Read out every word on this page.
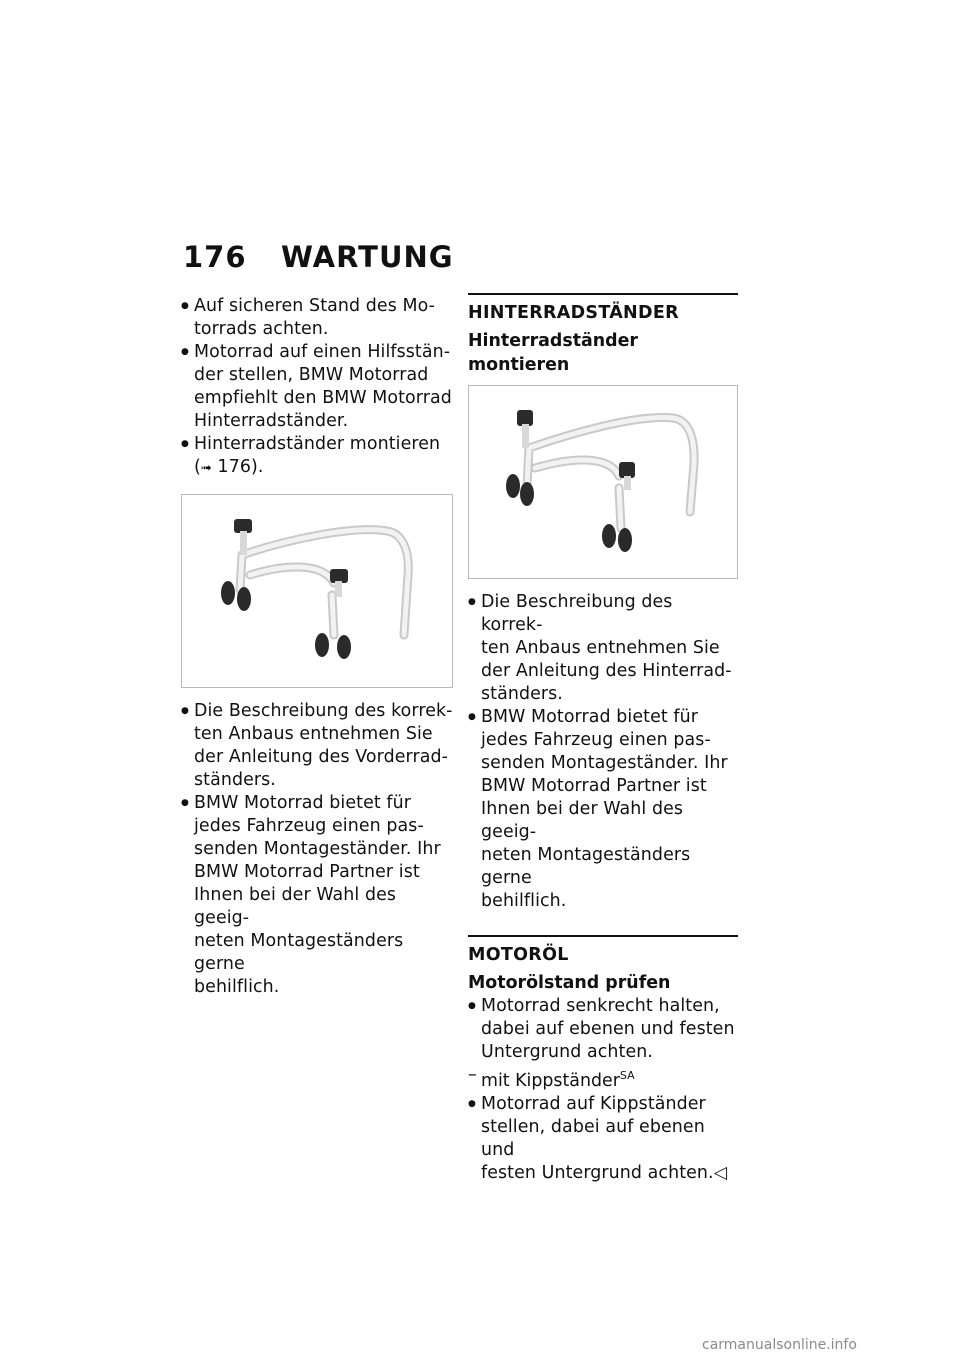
176 WARTUNG
● Auf sicheren Stand des Mo-
torrads achten.
● Motorrad auf einen Hilfsstän-
der stellen, BMW Motorrad
empfiehlt den BMW Motorrad
Hinterradständer.
● Hinterradständer montieren
(➟ 176).
● Die Beschreibung des korrek-
ten Anbaus entnehmen Sie
der Anleitung des Vorderrad-
ständers.
● BMW Motorrad bietet für
jedes Fahrzeug einen pas-
senden Montageständer. Ihr
BMW Motorrad Partner ist
Ihnen bei der Wahl des geeig-
neten Montageständers gerne
behilflich.
HINTERRADSTÄNDER
Hinterradständer montieren
● Die Beschreibung des korrek-
ten Anbaus entnehmen Sie
der Anleitung des Hinterrad-
ständers.
● BMW Motorrad bietet für
jedes Fahrzeug einen pas-
senden Montageständer. Ihr
BMW Motorrad Partner ist
Ihnen bei der Wahl des geeig-
neten Montageständers gerne
behilflich.
MOTORÖL
Motorölstand prüfen
● Motorrad senkrecht halten,
dabei auf ebenen und festen
Untergrund achten.
– mit Kippständer$^{SA}$
● Motorrad auf Kippständer
stellen, dabei auf ebenen und
festen Untergrund achten.◁
carmanualsonline.info
